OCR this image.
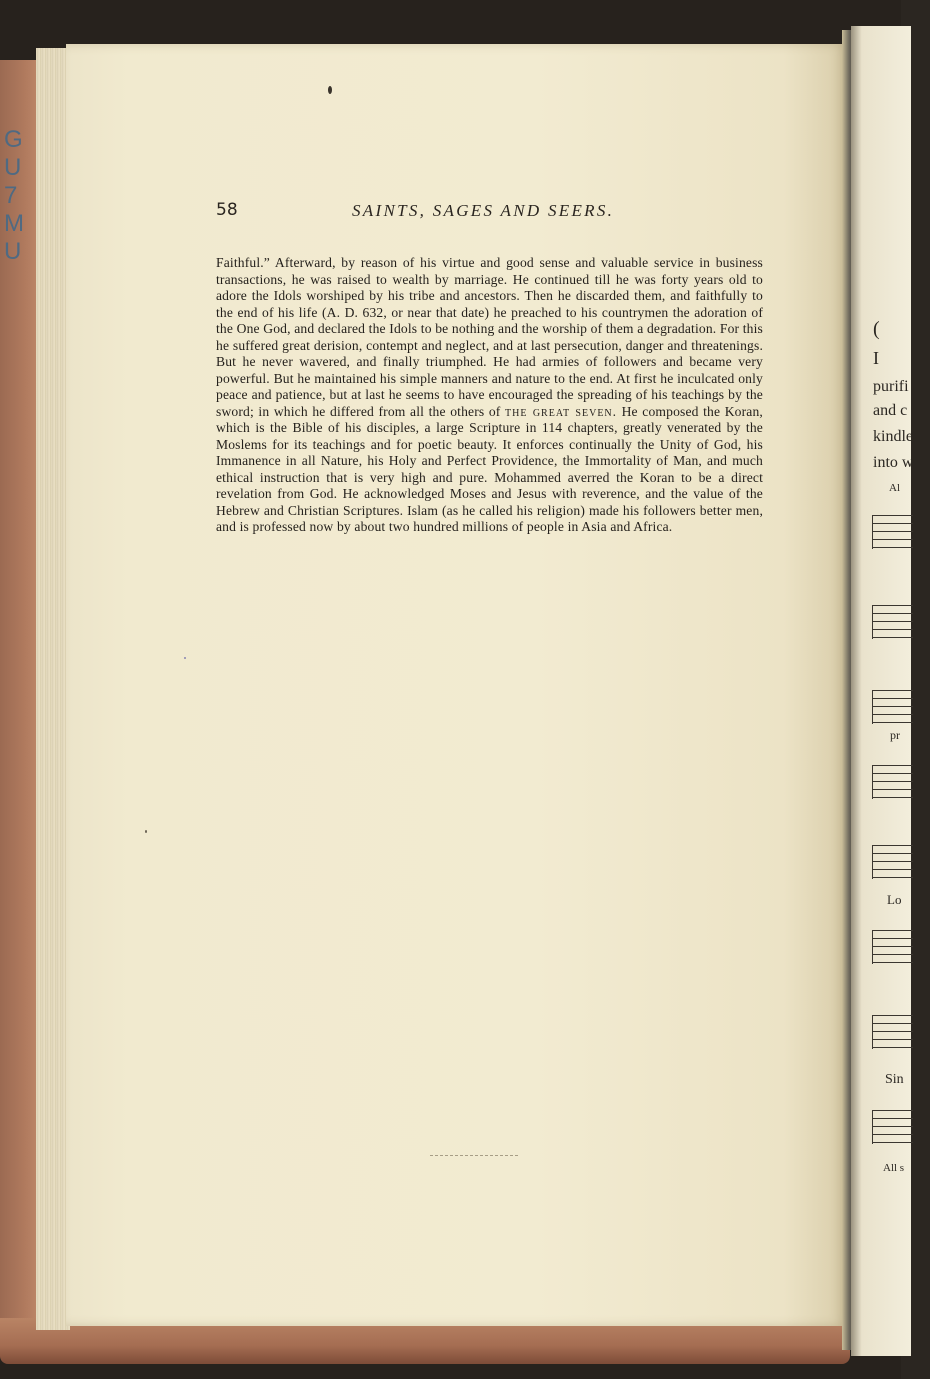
G
U
7
M
U
58	SAINTS, SAGES AND SEERS.

Faithful.” Afterward, by reason of his virtue and good sense and valuable service in business transactions, he was raised to wealth by marriage. He continued till he was forty years old to adore the Idols worshiped by his tribe and ancestors. Then he discarded them, and faithfully to the end of his life (A. D. 632, or near that date) he preached to his countrymen the adoration of the One God, and declared the Idols to be nothing and the worship of them a degradation. For this he suffered great derision, contempt and neglect, and at last persecution, danger and threatenings. But he never wavered, and finally triumphed. He had armies of followers and became very powerful. But he maintained his simple manners and nature to the end. At first he inculcated only peace and patience, but at last he seems to have encouraged the spreading of his teachings by the sword; in which he differed from all the others of the great seven. He composed the Koran, which is the Bible of his disciples, a large Scripture in 114 chapters, greatly venerated by the Moslems for its teachings and for poetic beauty. It enforces continually the Unity of God, his Immanence in all Nature, his Holy and Perfect Providence, the Immortality of Man, and much ethical instruction that is very high and pure. Mohammed averred the Koran to be a direct revelation from God. He acknowledged Moses and Jesus with reverence, and the value of the Hebrew and Christian Scriptures. Islam (as he called his religion) made his followers better men, and is professed now by about two hundred millions of people in Asia and Africa.

(
I
purifi
and c
kindle
into w
Al
pr
Lo
Sin
All s
